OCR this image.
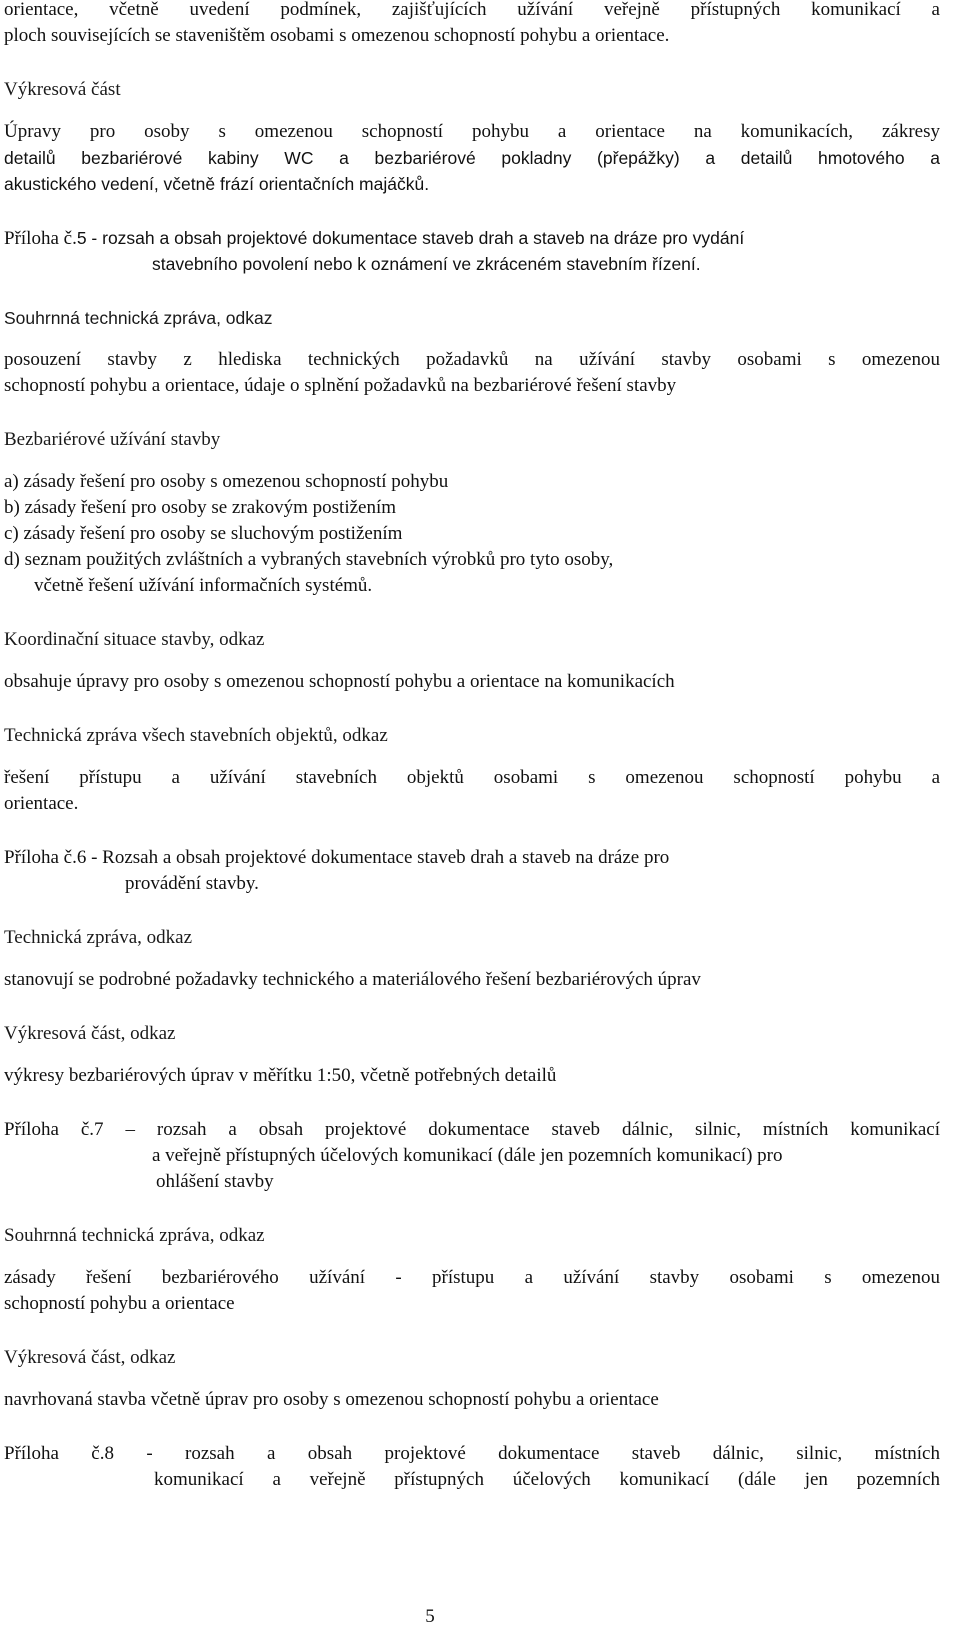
orientace, včetně uvedení podmínek, zajišťujících užívání veřejně přístupných komunikací a
ploch souvisejících se staveništěm osobami s omezenou schopností pohybu a orientace.
Výkresová část
Úpravy pro osoby s omezenou schopností pohybu a orientace na komunikacích, zákresy
detailů bezbariérové kabiny WC a bezbariérové pokladny (přepážky) a detailů hmotového a
akustického vedení, včetně frází orientačních majáčků.
Příloha č.5 - rozsah a obsah projektové dokumentace staveb drah a staveb na dráze pro vydání
stavebního povolení nebo k oznámení ve zkráceném stavebním řízení.
Souhrnná technická zpráva, odkaz
posouzení stavby z hlediska technických požadavků na užívání stavby osobami s omezenou
schopností pohybu a orientace, údaje o splnění požadavků na bezbariérové řešení stavby
Bezbariérové užívání stavby
a) zásady řešení pro osoby s omezenou schopností pohybu
b) zásady řešení pro osoby se zrakovým postižením
c) zásady řešení pro osoby se sluchovým postižením
d) seznam použitých zvláštních a vybraných stavebních výrobků pro tyto osoby,
včetně řešení užívání informačních systémů.
Koordinační situace stavby, odkaz
obsahuje úpravy pro osoby s omezenou schopností pohybu a orientace na komunikacích
Technická zpráva všech stavebních objektů, odkaz
řešení přístupu a užívání stavebních objektů osobami s omezenou schopností pohybu a
orientace.
Příloha č.6 - Rozsah a obsah projektové dokumentace staveb drah a staveb na dráze pro
provádění stavby.
Technická zpráva, odkaz
stanovují se podrobné požadavky technického a materiálového řešení bezbariérových úprav
Výkresová část, odkaz
výkresy bezbariérových úprav v měřítku 1:50, včetně potřebných detailů
Příloha č.7 – rozsah a obsah projektové dokumentace staveb dálnic, silnic, místních komunikací
a veřejně přístupných účelových komunikací (dále jen pozemních komunikací) pro
ohlášení stavby
Souhrnná technická zpráva, odkaz
zásady řešení bezbariérového užívání - přístupu a užívání stavby osobami s omezenou
schopností pohybu a orientace
Výkresová část, odkaz
navrhovaná stavba včetně úprav pro osoby s omezenou schopností pohybu a orientace
Příloha č.8 - rozsah a obsah projektové dokumentace staveb dálnic, silnic, místních
komunikací a veřejně přístupných účelových komunikací (dále jen pozemních
5
